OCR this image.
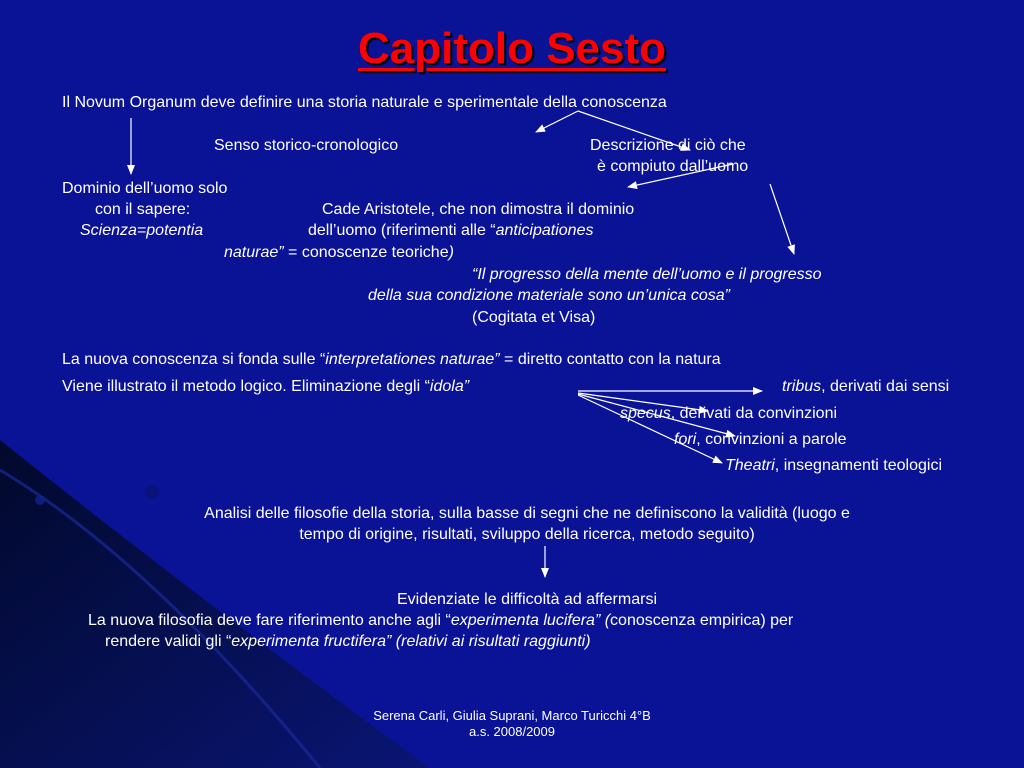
Capitolo Sesto
Il Novum Organum deve definire una storia naturale e sperimentale della conoscenza
Senso storico-cronologico	Descrizione di ciò che
è compiuto dall’uomo
Dominio dell’uomo solo
con il sapere:
Scienza=potentia
Cade Aristotele, che non dimostra il dominio
dell’uomo (riferimenti alle “anticipationes
naturae” = conoscenze teoriche)
“Il progresso della mente dell’uomo e il progresso
della sua condizione materiale sono un’unica cosa”
(Cogitata et Visa)
La nuova conoscenza si fonda sulle “interpretationes naturae” = diretto contatto con la natura
Viene illustrato il metodo logico. Eliminazione degli “idola”	tribus, derivati dai sensi
specus, derivati da convinzioni
fori, convinzioni a parole
Theatri, insegnamenti teologici
Analisi delle filosofie della storia, sulla basse di segni che ne definiscono la validità (luogo e
tempo di origine, risultati, sviluppo della ricerca, metodo seguito)
Evidenziate le difficoltà ad affermarsi
La nuova filosofia deve fare riferimento anche agli “experimenta lucifera” (conoscenza empirica) per
rendere validi gli “experimenta fructifera” (relativi ai risultati raggiunti)
Serena Carli, Giulia Suprani, Marco Turicchi 4°B
a.s. 2008/2009
